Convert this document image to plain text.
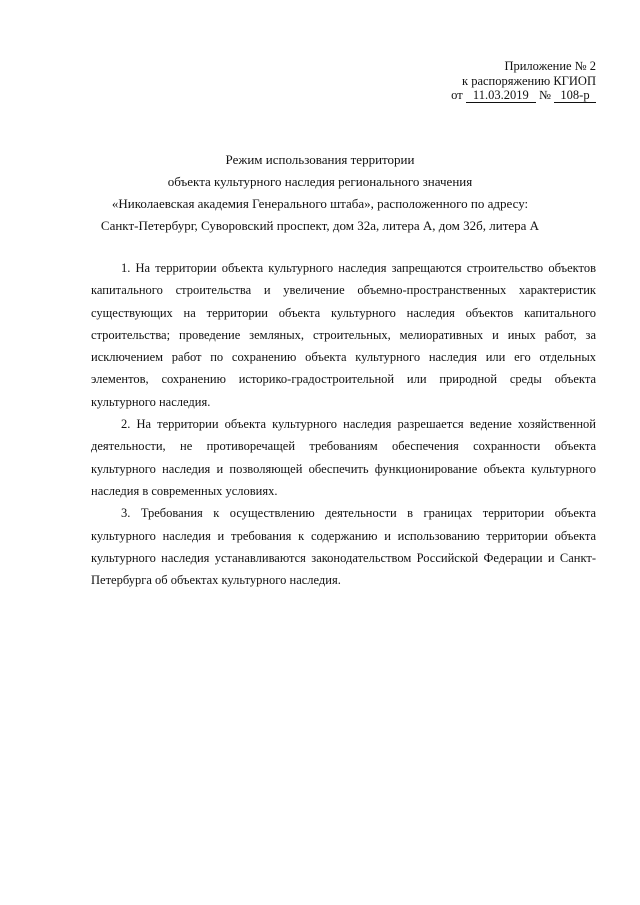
Приложение № 2
к распоряжению КГИОП
от 11.03.2019 № 108-р
Режим использования территории
объекта культурного наследия регионального значения
«Николаевская академия Генерального штаба», расположенного по адресу:
Санкт-Петербург, Суворовский проспект, дом 32а, литера А, дом 32б, литера А

1. На территории объекта культурного наследия запрещаются строительство объектов капитального строительства и увеличение объемно-пространственных характеристик существующих на территории объекта культурного наследия объектов капитального строительства; проведение земляных, строительных, мелиоративных и иных работ, за исключением работ по сохранению объекта культурного наследия или его отдельных элементов, сохранению историко-градостроительной или природной среды объекта культурного наследия.

2. На территории объекта культурного наследия разрешается ведение хозяйственной деятельности, не противоречащей требованиям обеспечения сохранности объекта культурного наследия и позволяющей обеспечить функционирование объекта культурного наследия в современных условиях.

3. Требования к осуществлению деятельности в границах территории объекта культурного наследия и требования к содержанию и использованию территории объекта культурного наследия устанавливаются законодательством Российской Федерации и Санкт-Петербурга об объектах культурного наследия.
